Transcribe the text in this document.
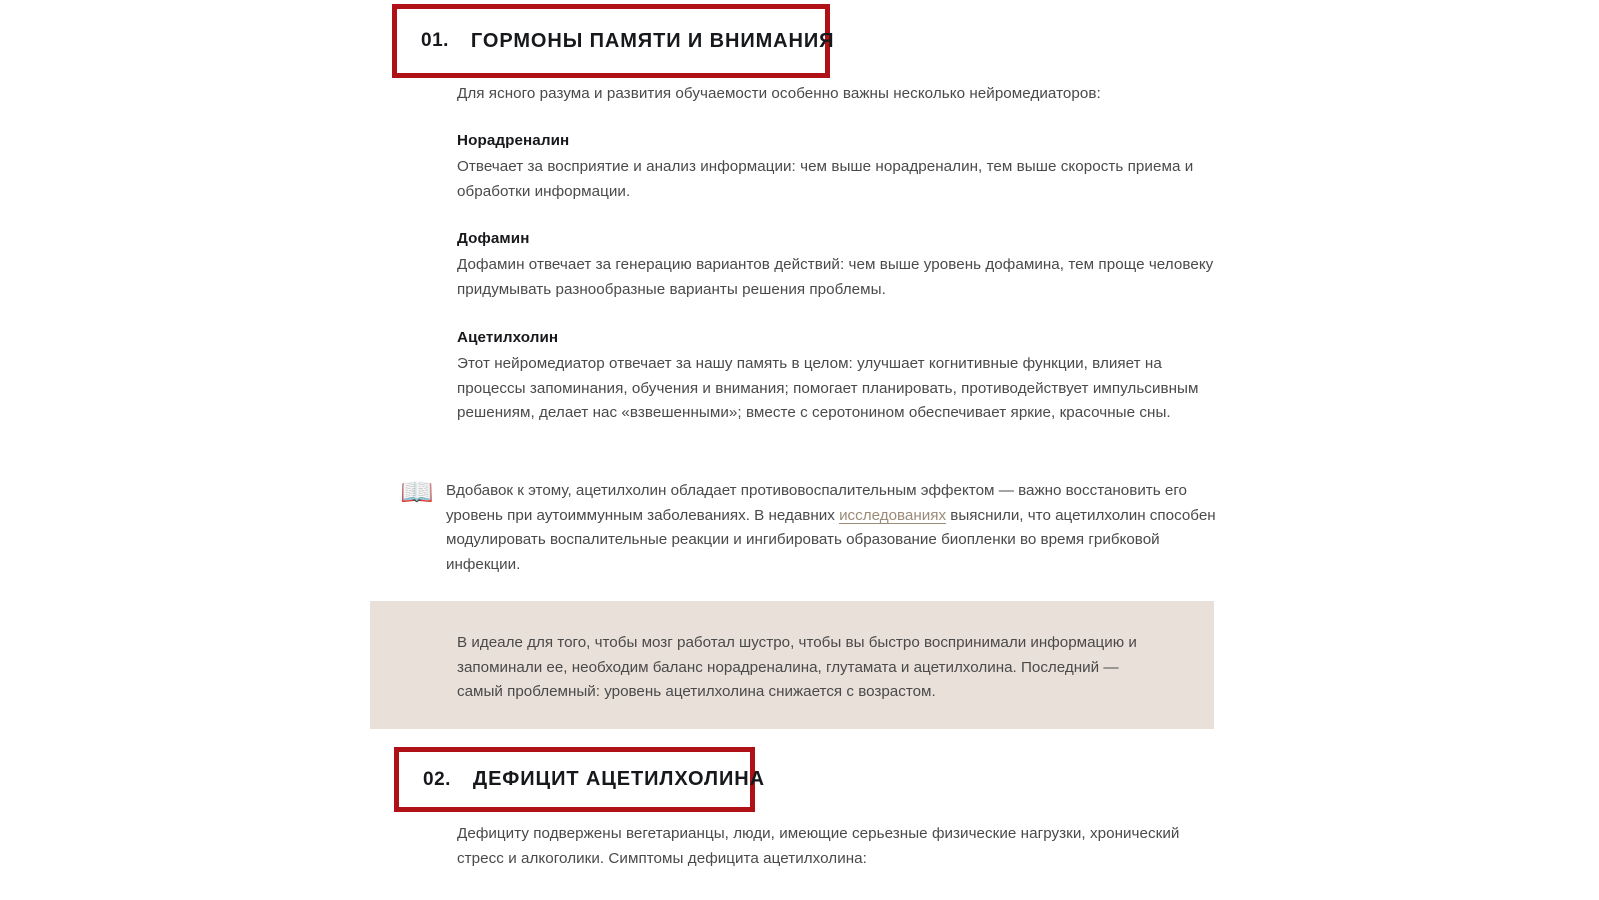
01. ГОРМОНЫ ПАМЯТИ И ВНИМАНИЯ
Для ясного разума и развития обучаемости особенно важны несколько нейромедиаторов:
Норадреналин
Отвечает за восприятие и анализ информации: чем выше норадреналин, тем выше скорость приема и обработки информации.
Дофамин
Дофамин отвечает за генерацию вариантов действий: чем выше уровень дофамина, тем проще человеку придумывать разнообразные варианты решения проблемы.
Ацетилхолин
Этот нейромедиатор отвечает за нашу память в целом: улучшает когнитивные функции, влияет на процессы запоминания, обучения и внимания; помогает планировать, противодействует импульсивным решениям, делает нас «взвешенными»; вместе с серотонином обеспечивает яркие, красочные сны.
📖 Вдобавок к этому, ацетилхолин обладает противовоспалительным эффектом — важно восстановить его уровень при аутоиммунным заболеваниях. В недавних исследованиях выяснили, что ацетилхолин способен модулировать воспалительные реакции и ингибировать образование биопленки во время грибковой инфекции.
В идеале для того, чтобы мозг работал шустро, чтобы вы быстро воспринимали информацию и запоминали ее, необходим баланс норадреналина, глутамата и ацетилхолина. Последний — самый проблемный: уровень ацетилхолина снижается с возрастом.
02. ДЕФИЦИТ АЦЕТИЛХОЛИНА
Дефициту подвержены вегетарианцы, люди, имеющие серьезные физические нагрузки, хронический стресс и алкоголики. Симптомы дефицита ацетилхолина:
